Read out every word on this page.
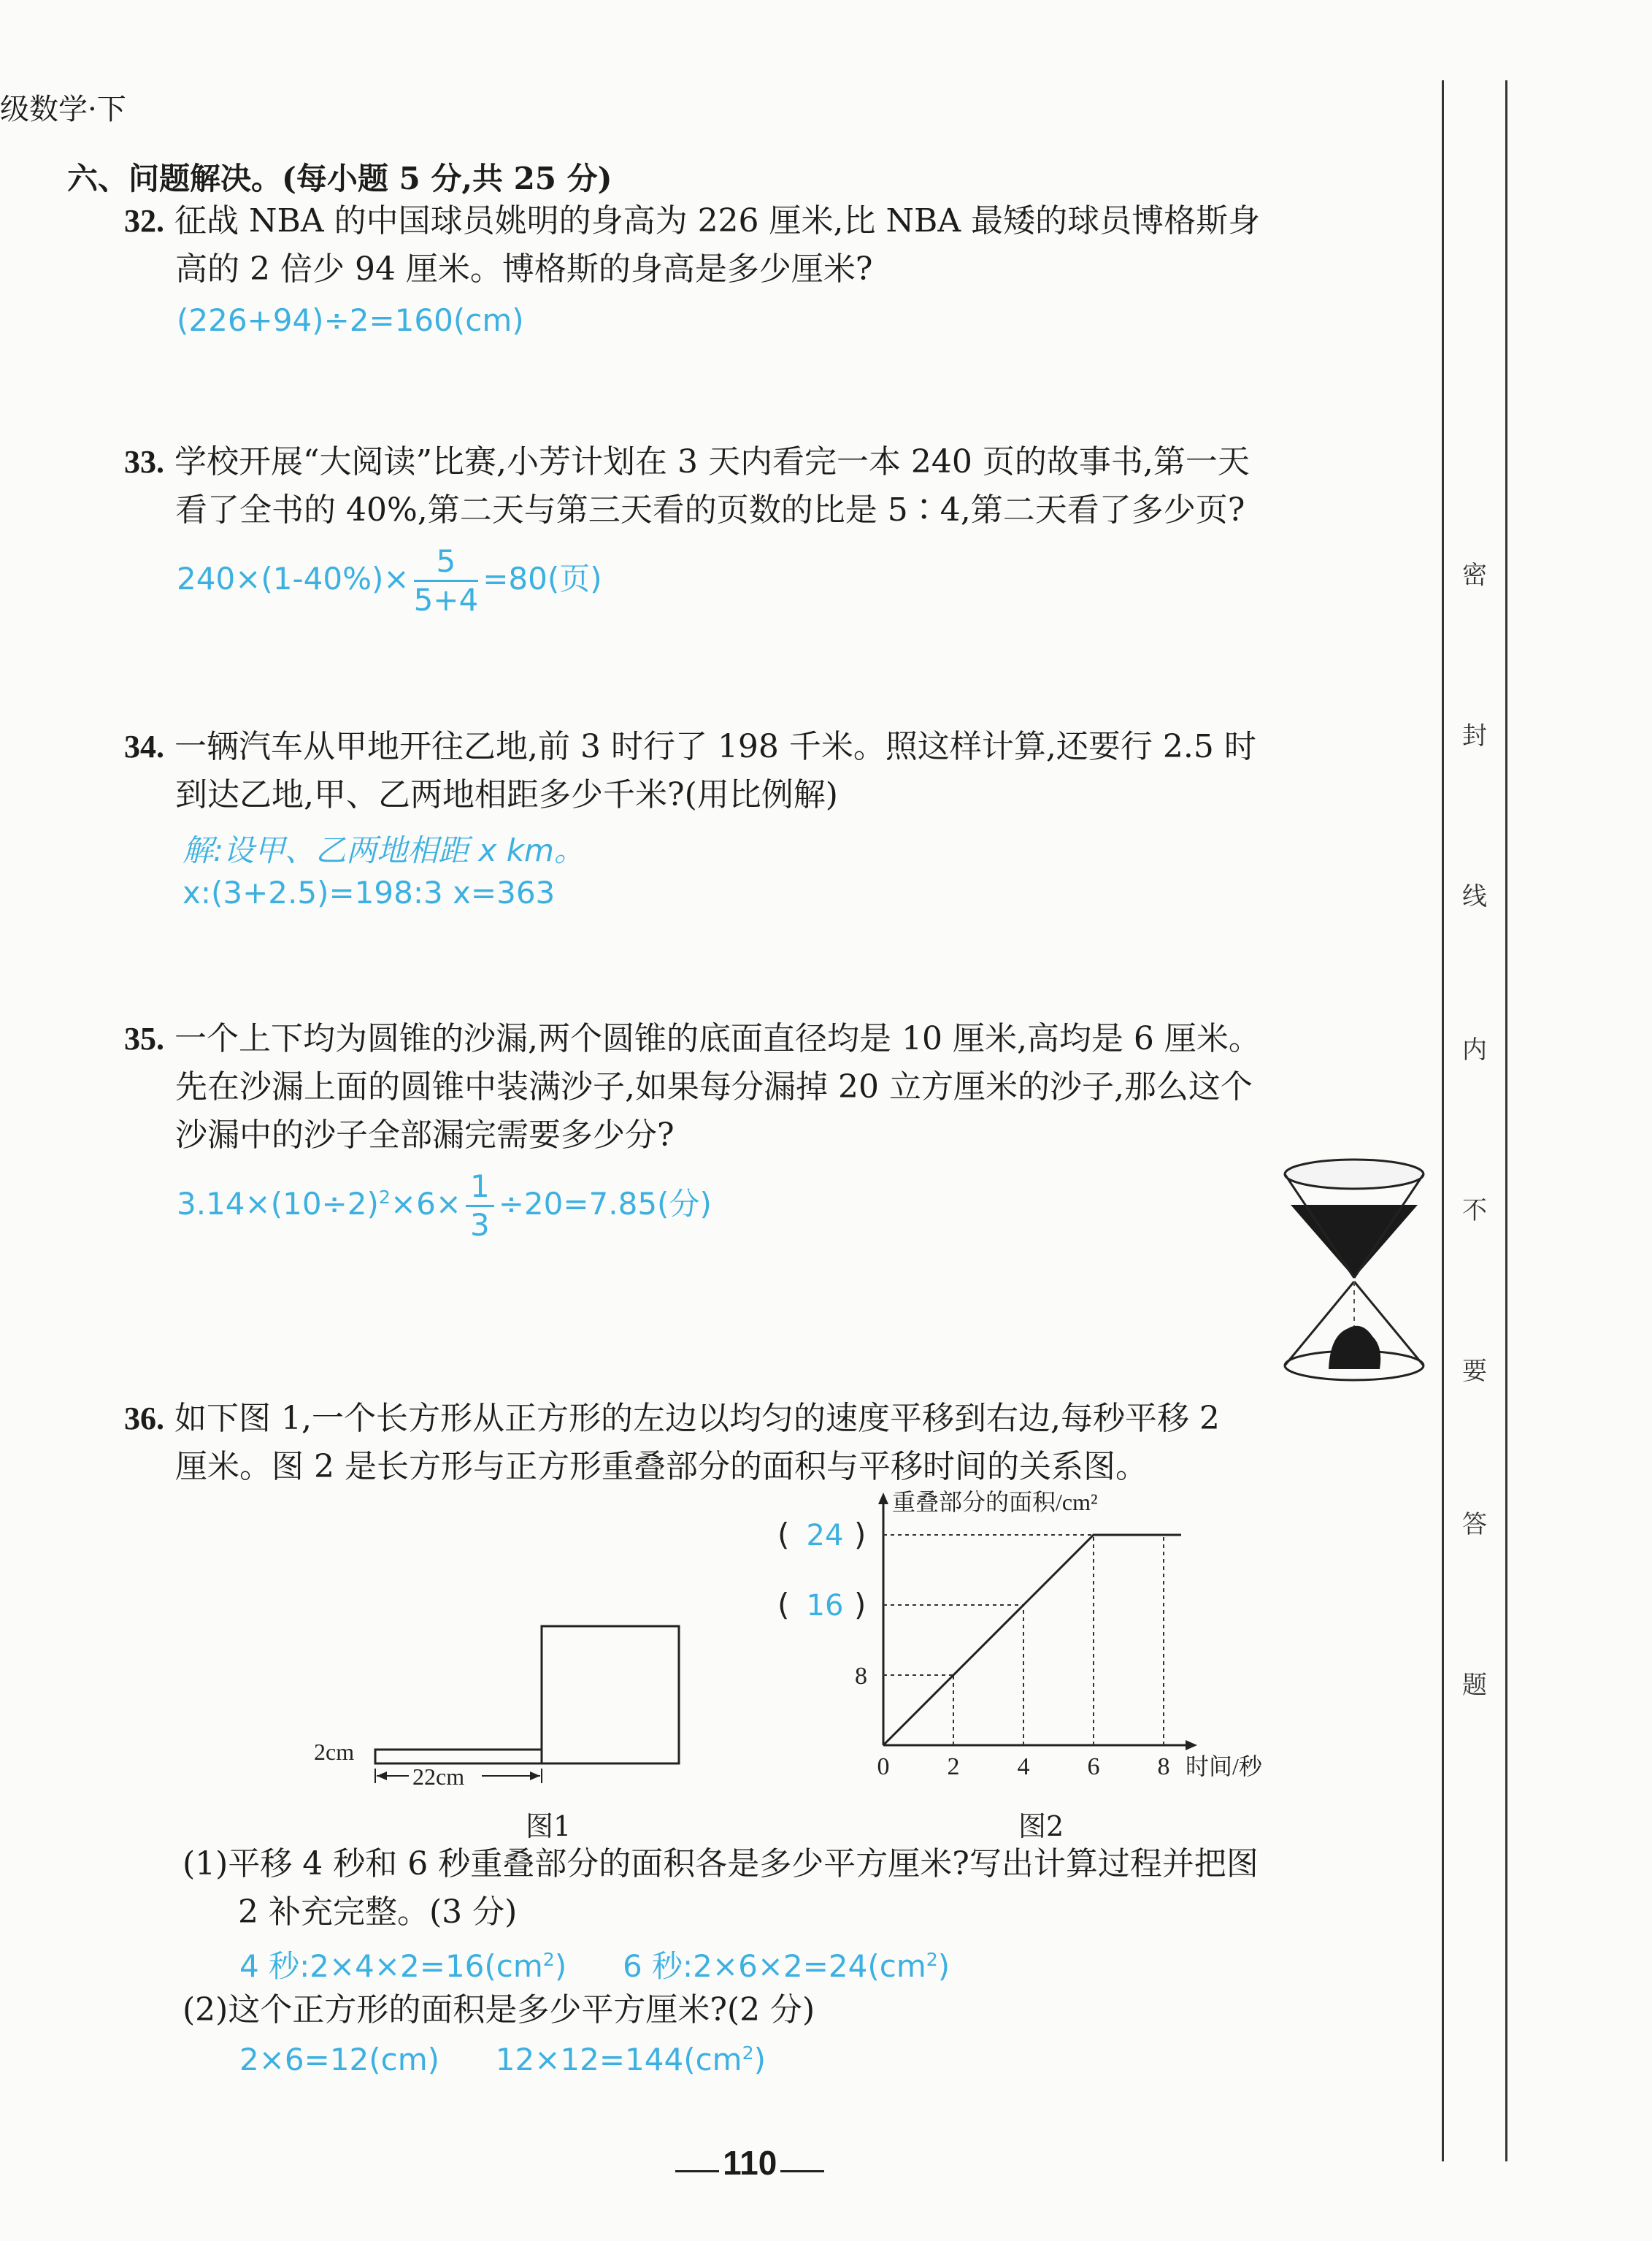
级数学·下
密
封
线
内
不
要
答
题
六、问题解决。(每小题 5 分,共 25 分)
32. 征战 NBA 的中国球员姚明的身高为 226 厘米,比 NBA 最矮的球员博格斯身
高的 2 倍少 94 厘米。博格斯的身高是多少厘米?
(226+94)÷2=160(cm)
33. 学校开展“大阅读”比赛,小芳计划在 3 天内看完一本 240 页的故事书,第一天
看了全书的 40%,第二天与第三天看的页数的比是 5∶4,第二天看了多少页?
$240\times(1-40\%)\times \frac{5}{5+4} =80$(页)
34. 一辆汽车从甲地开往乙地,前 3 时行了 198 千米。照这样计算,还要行 2.5 时
到达乙地,甲、乙两地相距多少千米?(用比例解)
解:设甲、乙两地相距 x km。
x:(3+2.5)=198:3 x=363
35. 一个上下均为圆锥的沙漏,两个圆锥的底面直径均是 10 厘米,高均是 6 厘米。
先在沙漏上面的圆锥中装满沙子,如果每分漏掉 20 立方厘米的沙子,那么这个
沙漏中的沙子全部漏完需要多少分?
$3.14\times(10\div 2)^2\times 6\times \frac{1}{3} \div 20=7.85$(分)
36. 如下图 1,一个长方形从正方形的左边以均匀的速度平移到右边,每秒平移 2
厘米。图 2 是长方形与正方形重叠部分的面积与平移时间的关系图。
2cm
22cm
图1
重叠部分的面积/cm²
时间/秒
0 2 4 6 8
8
( 24 )
( 16 )
图2
(1)平移 4 秒和 6 秒重叠部分的面积各是多少平方厘米?写出计算过程并把图
2 补充完整。(3 分)
4 秒$:2\times 4\times 2=16(cm^2)$ 6 秒$:2\times 6\times 2=24(cm^2)$
(2)这个正方形的面积是多少平方厘米?(2 分)
2×6=12(cm) $12\times 12=144(cm^2)$
110
